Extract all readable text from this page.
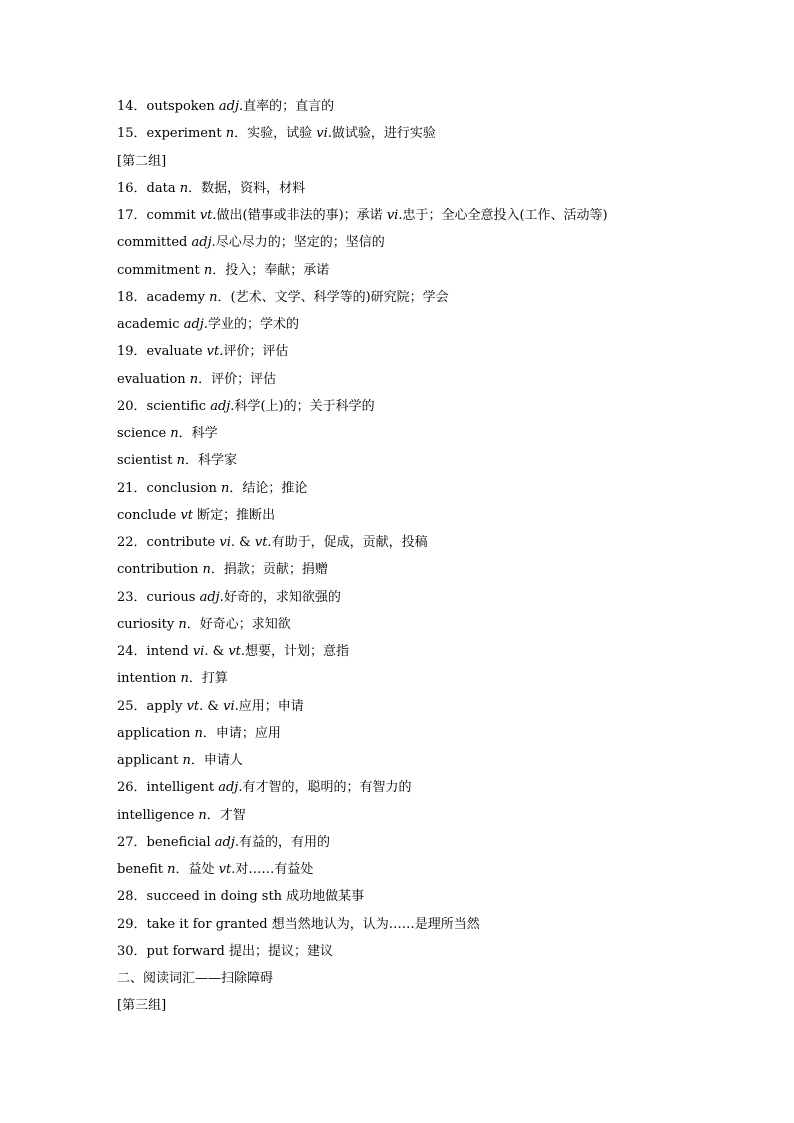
14．outspoken adj.直率的；直言的
15．experiment n．实验，试验 vi.做试验，进行实验
[第二组]
16．data n．数据，资料，材料
17．commit vt.做出(错事或非法的事)；承诺 vi.忠于；全心全意投入(工作、活动等)
committed adj.尽心尽力的；坚定的；坚信的
commitment n．投入；奉献；承诺
18．academy n．(艺术、文学、科学等的)研究院；学会
academic adj.学业的；学术的
19．evaluate vt.评价；评估
evaluation n．评价；评估
20．scientific adj.科学(上)的；关于科学的
science n．科学
scientist n．科学家
21．conclusion n．结论；推论
conclude vt 断定；推断出
22．contribute vi. & vt.有助于，促成，贡献，投稿
contribution n．捐款；贡献；捐赠
23．curious adj.好奇的，求知欲强的
curiosity n．好奇心；求知欲
24．intend vi. & vt.想要，计划；意指
intention n．打算
25．apply vt. & vi.应用；申请
application n．申请；应用
applicant n．申请人
26．intelligent adj.有才智的，聪明的；有智力的
intelligence n．才智
27．beneficial adj.有益的，有用的
benefit n．益处 vt.对……有益处
28．succeed in doing sth 成功地做某事
29．take it for granted 想当然地认为，认为……是理所当然
30．put forward 提出；提议；建议
二、阅读词汇——扫除障碍
[第三组]
